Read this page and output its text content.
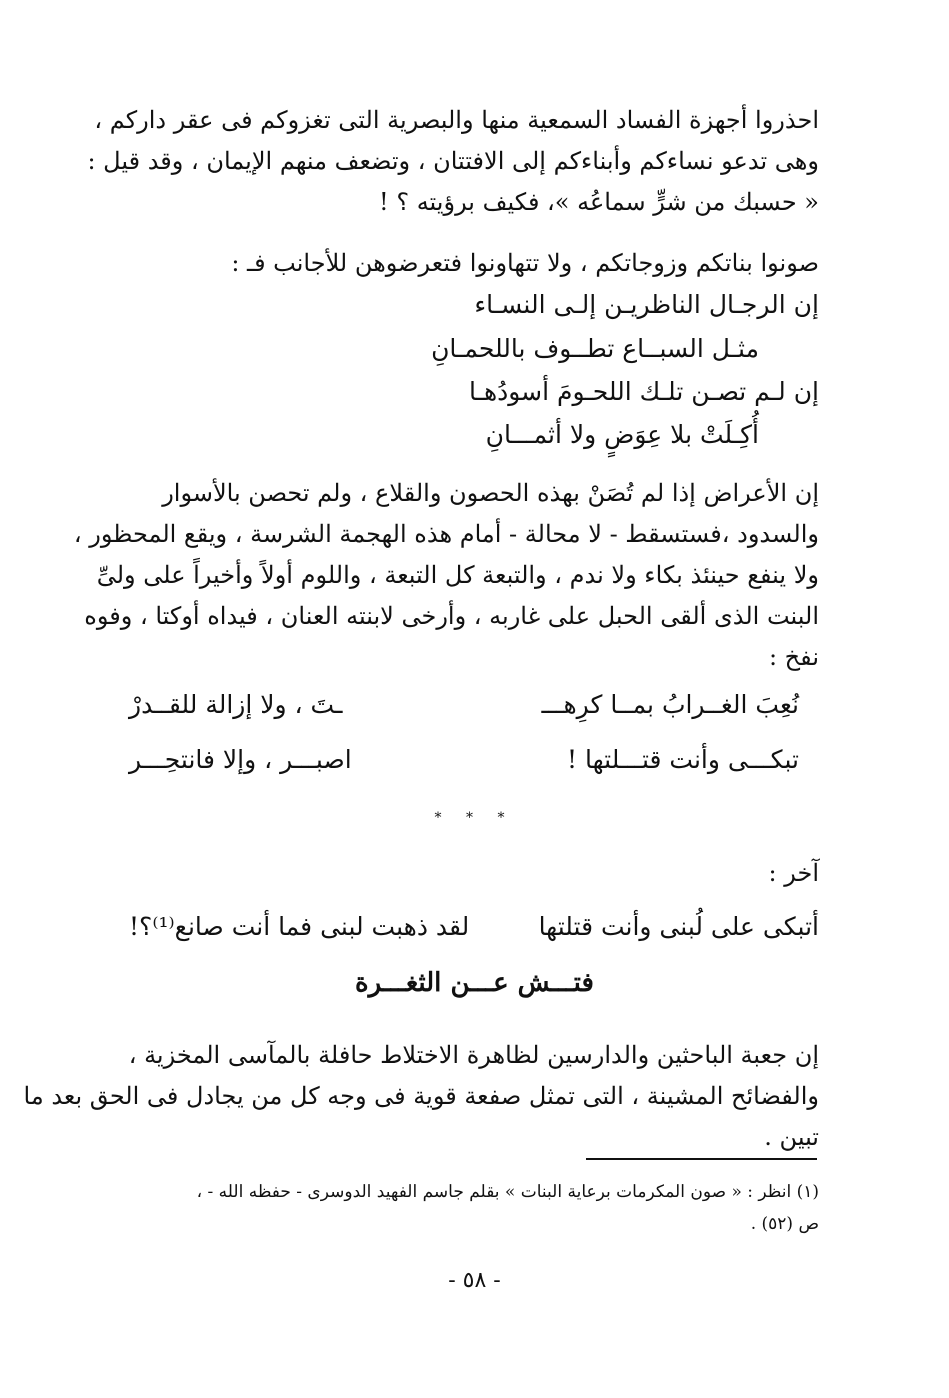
احذروا أجهزة الفساد السمعية منها والبصرية التى تغزوكم فى عقر داركم ،
وهى تدعو نساءكم وأبناءكم إلى الافتتان ، وتضعف منهم الإيمان ، وقد قيل :
« حسبك من شرٍّ سماعُه »، فكيف برؤيته ؟ !
صونوا بناتكم وزوجاتكم ، ولا تتهاونوا فتعرضوهن للأجانب فـ :
إن الرجـال الناظريـن إلـى النسـاء
مثـل السبــاع تطــوف باللحمـانِ
إن لـم تصـن تلـك اللحـومَ أسودُهـا
أُكِـلَتْ بلا عِوَضٍ ولا أثمـــانِ
إن الأعراض إذا لم تُصَنْ بهذه الحصون والقلاع ، ولم تحصن بالأسوار
والسدود ،فستسقط - لا محالة - أمام هذه الهجمة الشرسة ، ويقع المحظور ،
ولا ينفع حينئذ بكاء ولا ندم ، والتبعة كل التبعة ، واللوم أولاً وأخيراً على ولىِّ
البنت الذى ألقى الحبل على غاربه ، وأرخى لابنته العنان ، فيداه أوكتا ، وفوه
نفخ :
نُعِبَ الغــرابُ بمــا كرِهـــ
ـتَ ، ولا إزالة للقــدرْ
تبكـــى وأنت قتـــلتها !
اصبـــر ، وإلا فانتحِـــر
* * *
آخر :
أتبكى على لُبنى وأنت قتلتها
لقد ذهبت لبنى فما أنت صانع⁽¹⁾؟!
فتـــش عـــن الثغـــرة
إن جعبة الباحثين والدارسين لظاهرة الاختلاط حافلة بالمآسى المخزية ،
والفضائح المشينة ، التى تمثل صفعة قوية فى وجه كل من يجادل فى الحق بعد ما
تبين .
(١) انظر : « صون المكرمات برعاية البنات » بقلم جاسم الفهيد الدوسرى - حفظه الله - ،
ص (٥٢) .
- ٥٨ -
